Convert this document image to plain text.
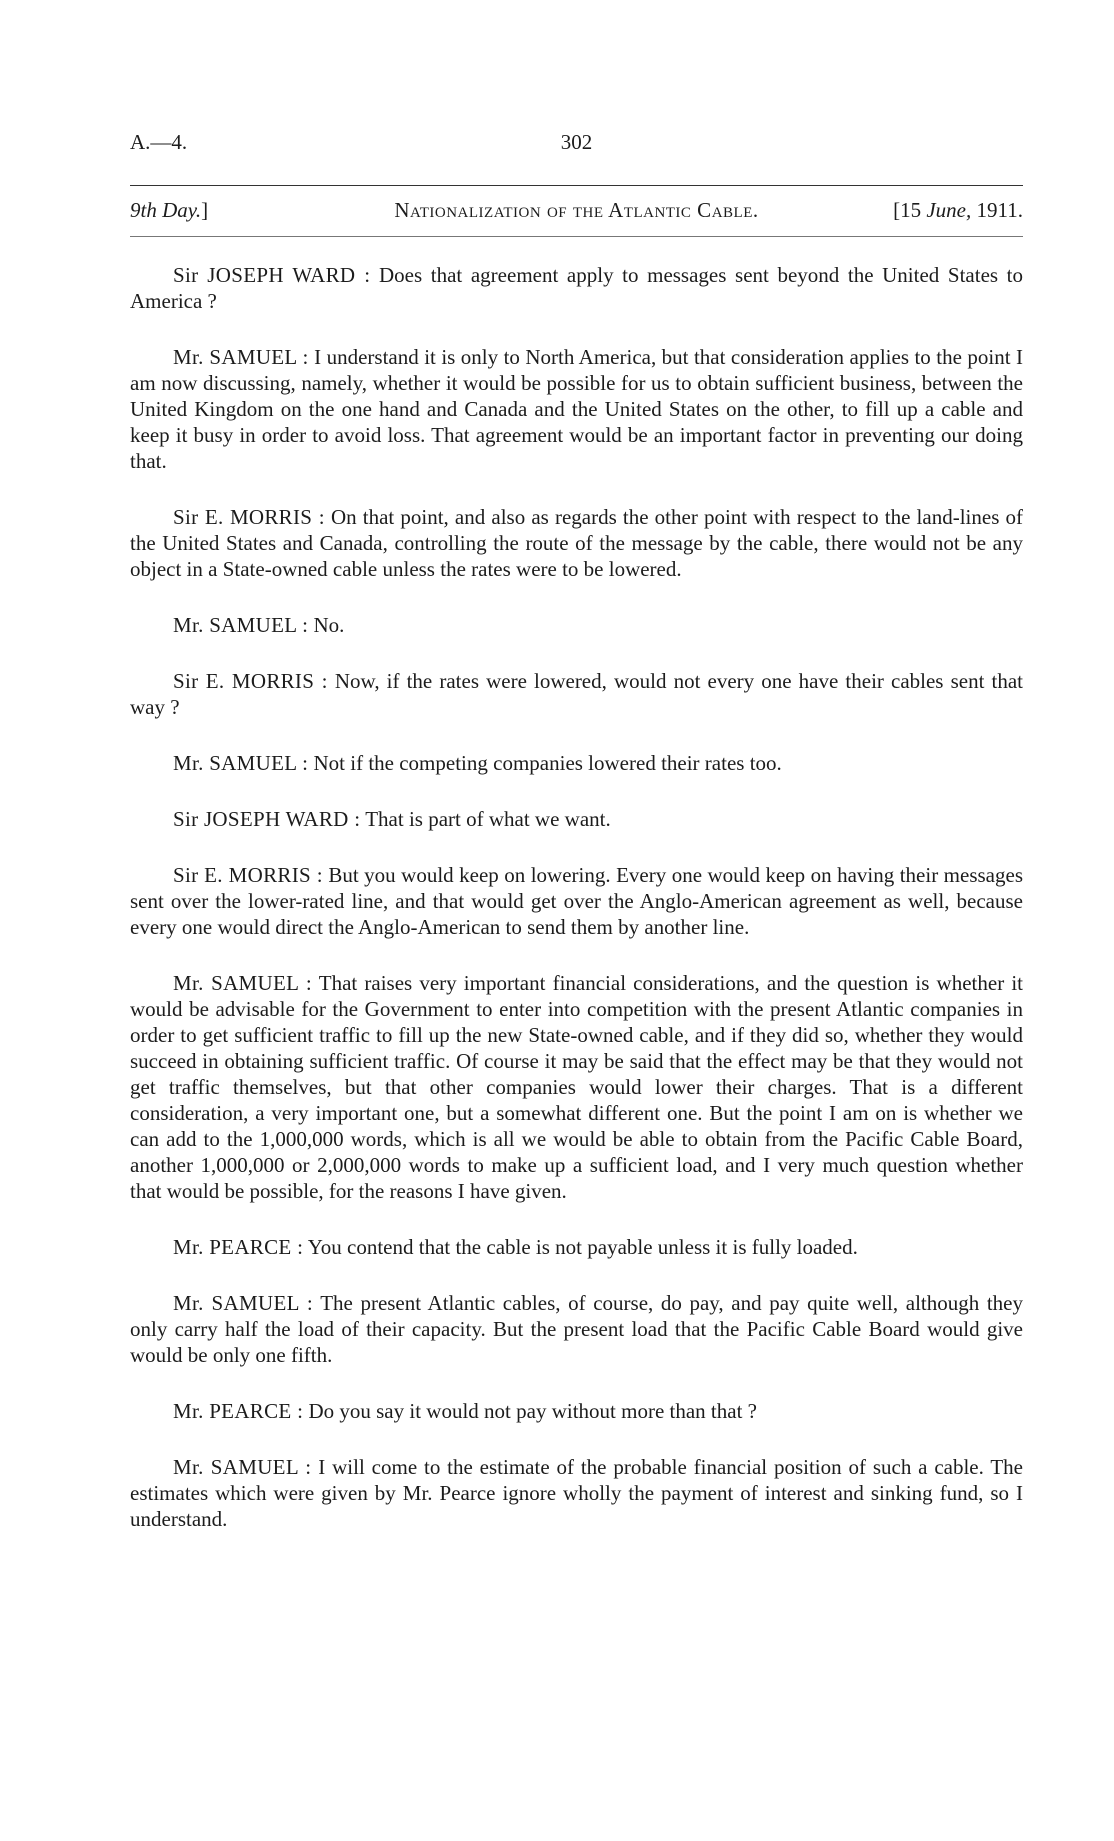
A.—4.	302
9th Day.]	Nationalization of the Atlantic Cable.	[15 June, 1911.

Sir JOSEPH WARD : Does that agreement apply to messages sent beyond the United States to America ?

Mr. SAMUEL : I understand it is only to North America, but that consideration applies to the point I am now discussing, namely, whether it would be possible for us to obtain sufficient business, between the United Kingdom on the one hand and Canada and the United States on the other, to fill up a cable and keep it busy in order to avoid loss. That agreement would be an important factor in preventing our doing that.

Sir E. MORRIS : On that point, and also as regards the other point with respect to the land-lines of the United States and Canada, controlling the route of the message by the cable, there would not be any object in a State-owned cable unless the rates were to be lowered.

Mr. SAMUEL : No.

Sir E. MORRIS : Now, if the rates were lowered, would not every one have their cables sent that way ?

Mr. SAMUEL : Not if the competing companies lowered their rates too.

Sir JOSEPH WARD : That is part of what we want.

Sir E. MORRIS : But you would keep on lowering. Every one would keep on having their messages sent over the lower-rated line, and that would get over the Anglo-American agreement as well, because every one would direct the Anglo-American to send them by another line.

Mr. SAMUEL : That raises very important financial considerations, and the question is whether it would be advisable for the Government to enter into competition with the present Atlantic companies in order to get sufficient traffic to fill up the new State-owned cable, and if they did so, whether they would succeed in obtaining sufficient traffic. Of course it may be said that the effect may be that they would not get traffic themselves, but that other companies would lower their charges. That is a different consideration, a very important one, but a somewhat different one. But the point I am on is whether we can add to the 1,000,000 words, which is all we would be able to obtain from the Pacific Cable Board, another 1,000,000 or 2,000,000 words to make up a sufficient load, and I very much question whether that would be possible, for the reasons I have given.

Mr. PEARCE : You contend that the cable is not payable unless it is fully loaded.

Mr. SAMUEL : The present Atlantic cables, of course, do pay, and pay quite well, although they only carry half the load of their capacity. But the present load that the Pacific Cable Board would give would be only one fifth.

Mr. PEARCE : Do you say it would not pay without more than that ?

Mr. SAMUEL : I will come to the estimate of the probable financial position of such a cable. The estimates which were given by Mr. Pearce ignore wholly the payment of interest and sinking fund, so I understand.
